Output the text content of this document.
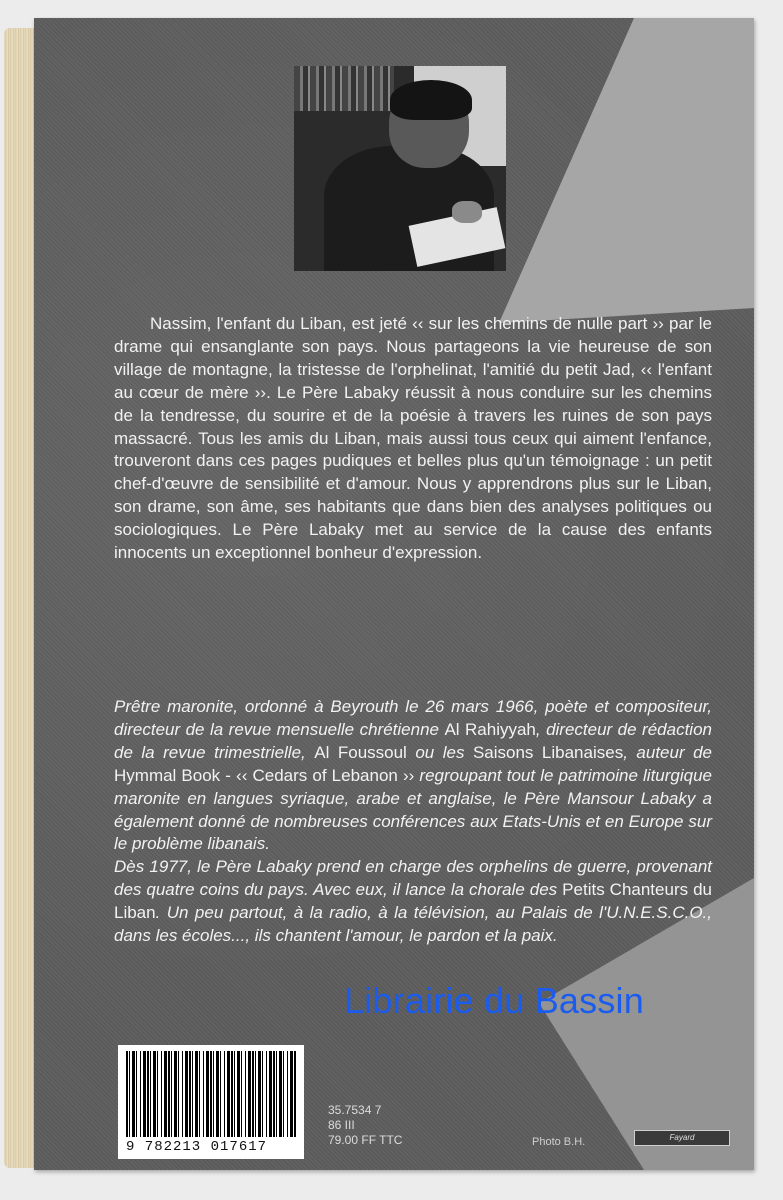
Nassim, l'enfant du Liban, est jeté ‹‹ sur les chemins de nulle part ›› par le drame qui ensanglante son pays. Nous partageons la vie heureuse de son village de montagne, la tristesse de l'orphelinat, l'amitié du petit Jad, ‹‹ l'enfant au cœur de mère ››. Le Père Labaky réussit à nous conduire sur les chemins de la tendresse, du sourire et de la poésie à travers les ruines de son pays massacré. Tous les amis du Liban, mais aussi tous ceux qui aiment l'enfance, trouveront dans ces pages pudiques et belles plus qu'un témoignage : un petit chef-d'œuvre de sensibilité et d'amour. Nous y apprendrons plus sur le Liban, son drame, son âme, ses habitants que dans bien des analyses politiques ou sociologiques. Le Père Labaky met au service de la cause des enfants innocents un exceptionnel bonheur d'expression.

Prêtre maronite, ordonné à Beyrouth le 26 mars 1966, poète et compositeur, directeur de la revue mensuelle chrétienne Al Rahiyyah, directeur de rédaction de la revue trimestrielle, Al Foussoul ou les Saisons Libanaises, auteur de Hymmal Book - ‹‹ Cedars of Lebanon ›› regroupant tout le patrimoine liturgique maronite en langues syriaque, arabe et anglaise, le Père Mansour Labaky a également donné de nombreuses conférences aux Etats-Unis et en Europe sur le problème libanais.

Dès 1977, le Père Labaky prend en charge des orphelins de guerre, provenant des quatre coins du pays. Avec eux, il lance la chorale des Petits Chanteurs du Liban. Un peu partout, à la radio, à la télévision, au Palais de l'U.N.E.S.C.O., dans les écoles..., ils chantent l'amour, le pardon et la paix.

9 782213 017617
35.7534 7
86 III
79.00 FF TTC	Photo B.H.	Fayard
Librairie du Bassin
